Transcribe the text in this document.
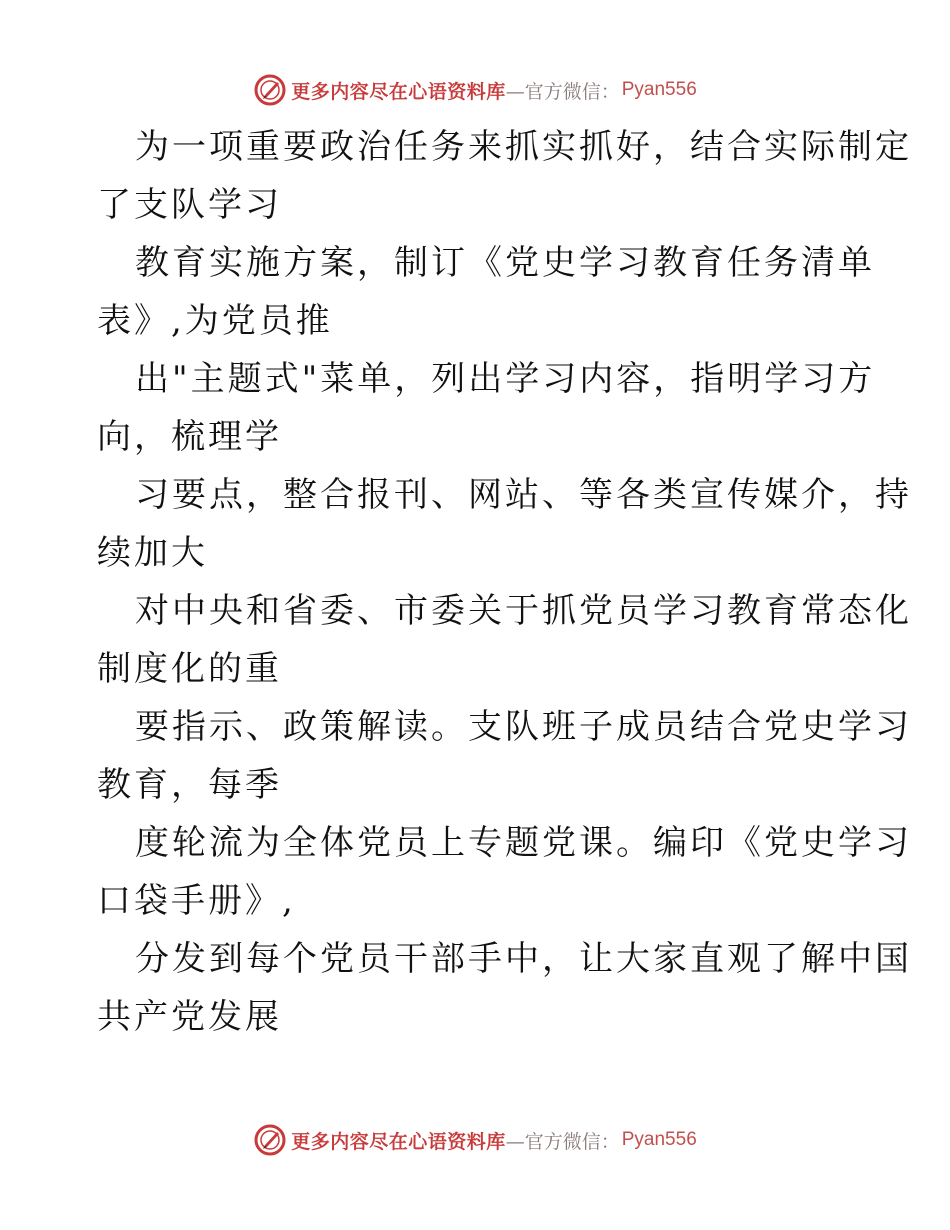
更多内容尽在心语资料库 —官方微信： Pyan556
为一项重要政治任务来抓实抓好，结合实际制定
了支队学习
教育实施方案，制订《党史学习教育任务清单
表》,为党员推
出"主题式"菜单，列出学习内容，指明学习方
向，梳理学
习要点，整合报刊、网站、等各类宣传媒介，持
续加大
对中央和省委、市委关于抓党员学习教育常态化
制度化的重
要指示、政策解读。支队班子成员结合党史学习
教育，每季
度轮流为全体党员上专题党课。编印《党史学习
口袋手册》,
分发到每个党员干部手中，让大家直观了解中国
共产党发展
更多内容尽在心语资料库 —官方微信： Pyan556
